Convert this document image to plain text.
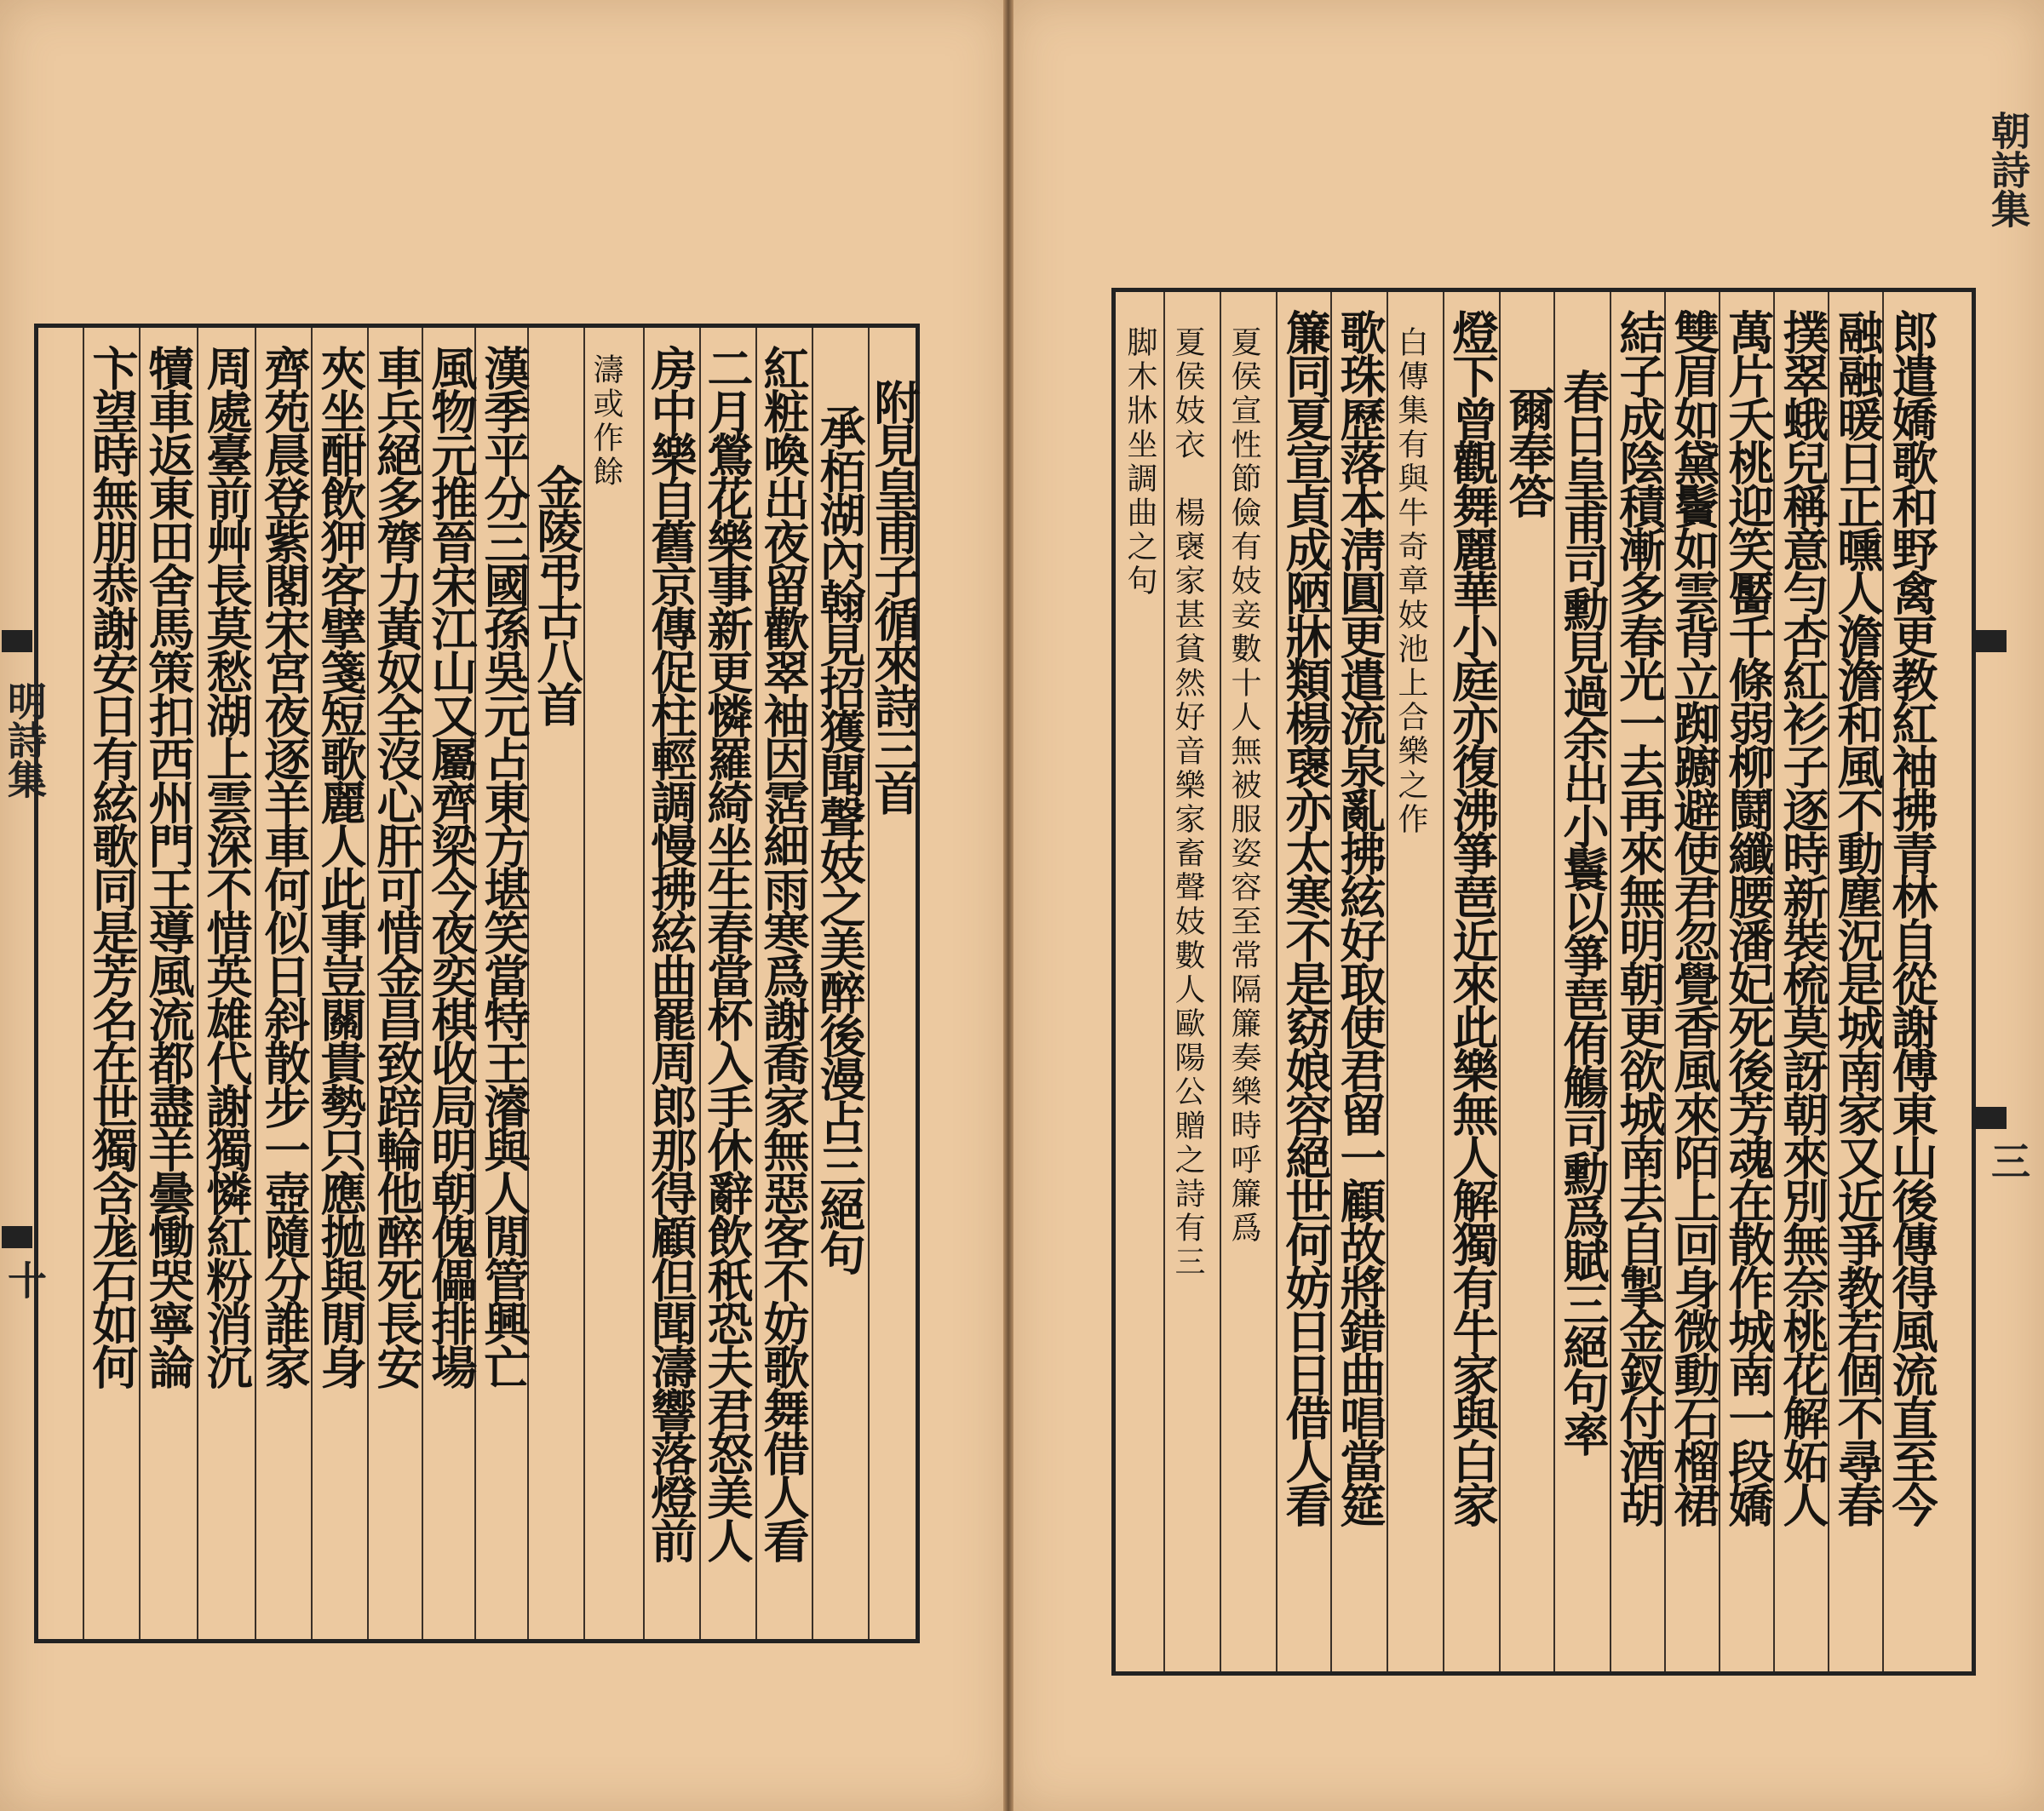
卞望時無朋恭謝安日有絃歌同是芳名在世獨含尨石如何 犢車返東田舍馬策扣西州門王導風流都盡羊曇慟哭寧論 周處臺前艸長莫愁湖上雲深不惜英雄代謝獨憐紅粉消沉 齊苑晨登紫閣宋宮夜逐羊車何似日斜散步一壺隨分誰家 夾坐酣飲狎客擘箋短歌麗人此事豈關貴勢只應拋與閒身 車兵絕多膂力黃奴全沒心肝可惜金昌致踣輪他醉死長安 風物元推晉宋江山又屬齊梁今夜奕棋收局明朝傀儡排場
漢季平分三國孫吳元占東方堪笑當特王濬與人閒管興亡
金陵弔古八首
濤或作餘 房中樂自舊京傳促柱輕調慢拂絃曲罷周郎那得顧但聞濤響落燈前 二月鶯花樂事新更憐羅綺坐生春當杯入手休辭飲秖恐夫君怒美人 紅粧喚出夜留歡翠袖因霑細雨寒爲謝喬家無惡客不妨歌舞借人看 承栢湖內翰見招獲聞聲妓之美醉後漫占三絕句 附見皇甫子循來詩三首
明詩集
十
脚木牀坐調曲之句 夏侯妓衣　楊襃家甚貧然好音樂家畜聲妓數人歐陽公贈之詩有三 夏侯宣性節儉有妓妾數十人無被服姿容至常隔簾奏樂時呼簾爲 簾同夏宣貞成陋牀類楊襃亦太寒不是窈娘容絕世何妨日日借人看 歌珠歷落本淸圓更遣流泉亂拂絃好取使君留一顧故將錯曲唱當筵 白傳集有與牛奇章妓池上合樂之作 燈下曾觀舞麗華小庭亦復沸箏琶近來此樂無人解獨有牛家與白家 爾奉答 春日皇甫司勳見過余出小鬟以箏琶侑觴司勳爲賦三絕句率 結子成陰積漸多春光一去再來無明朝更欲城南去自掣金釵付酒胡 雙眉如黛鬢如雲背立踟躕避使君忽覺香風來陌上回身微動石榴裙 萬片夭桃迎笑靨千條弱柳鬪纖腰潘妃死後芳魂在散作城南一段嬌 撲翠蛾兒稱意勻杏紅衫子逐時新裝梳莫訝朝來別無奈桃花解妬人 融融暖日正曛人澹澹和風不動塵況是城南家又近爭教若個不尋春 郎遣嬌歌和野禽更教紅袖拂青林自從謝傅東山後傳得風流直至今
朝詩集
三
